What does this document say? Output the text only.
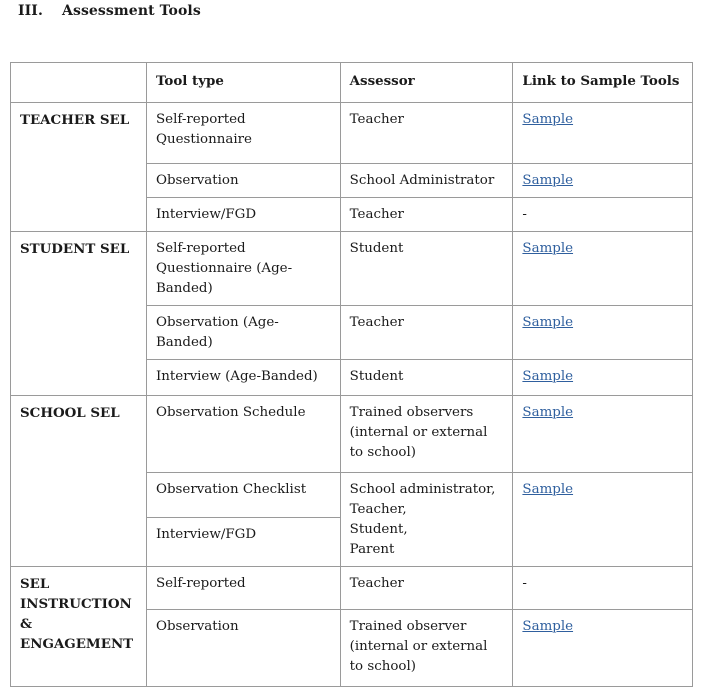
III. Assessment Tools
	Tool type	Assessor	Link to Sample Tools
TEACHER SEL	Self-reported Questionnaire	Teacher	Sample
	Observation	School Administrator	Sample
	Interview/FGD	Teacher	-
STUDENT SEL	Self-reported Questionnaire (Age-Banded)	Student	Sample
	Observation (Age-Banded)	Teacher	Sample
	Interview (Age-Banded)	Student	Sample
SCHOOL SEL	Observation Schedule	Trained observers (internal or external to school)	Sample
	Observation Checklist	School administrator,
Teacher,
Student,
Parent	Sample
	Interview/FGD		
SEL INSTRUCTION & ENGAGEMENT	Self-reported	Teacher	-
	Observation	Trained observer (internal or external to school)	Sample
